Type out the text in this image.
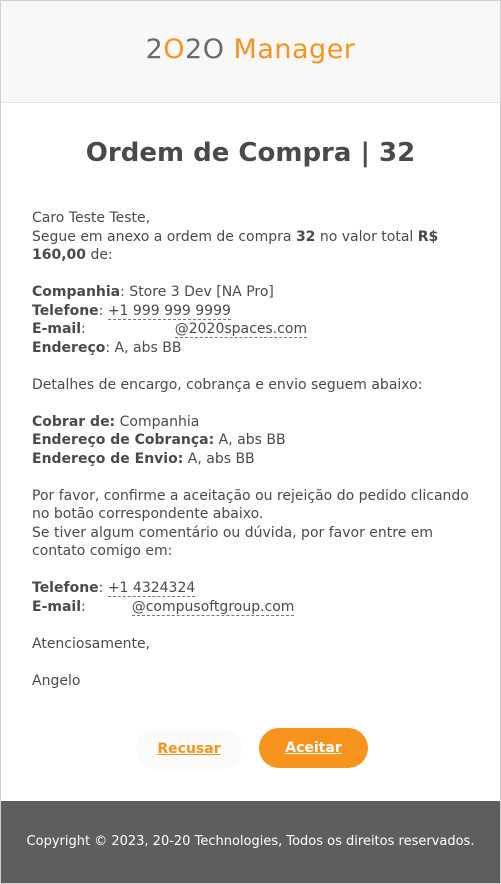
2O2O Manager
Ordem de Compra | 32

Caro Teste Teste,

Segue em anexo a ordem de compra 32 no valor total R$ 160,00 de:

Companhia: Store 3 Dev [NA Pro]

Telefone: +1 999 999 9999

E-mail:	@2020spaces.com

Endereço: A, abs BB

Detalhes de encargo, cobrança e envio seguem abaixo:

Cobrar de: Companhia

Endereço de Cobrança: A, abs BB

Endereço de Envio: A, abs BB

Por favor, confirme a aceitação ou rejeição do pedido clicando no botão correspondente abaixo.

Se tiver algum comentário ou dúvida, por favor entre em contato comigo em:

Telefone: +1 4324324

E-mail:	@compusoftgroup.com

Atenciosamente,

Angelo

Recusar	Aceitar
Copyright © 2023, 20-20 Technologies, Todos os direitos reservados.
